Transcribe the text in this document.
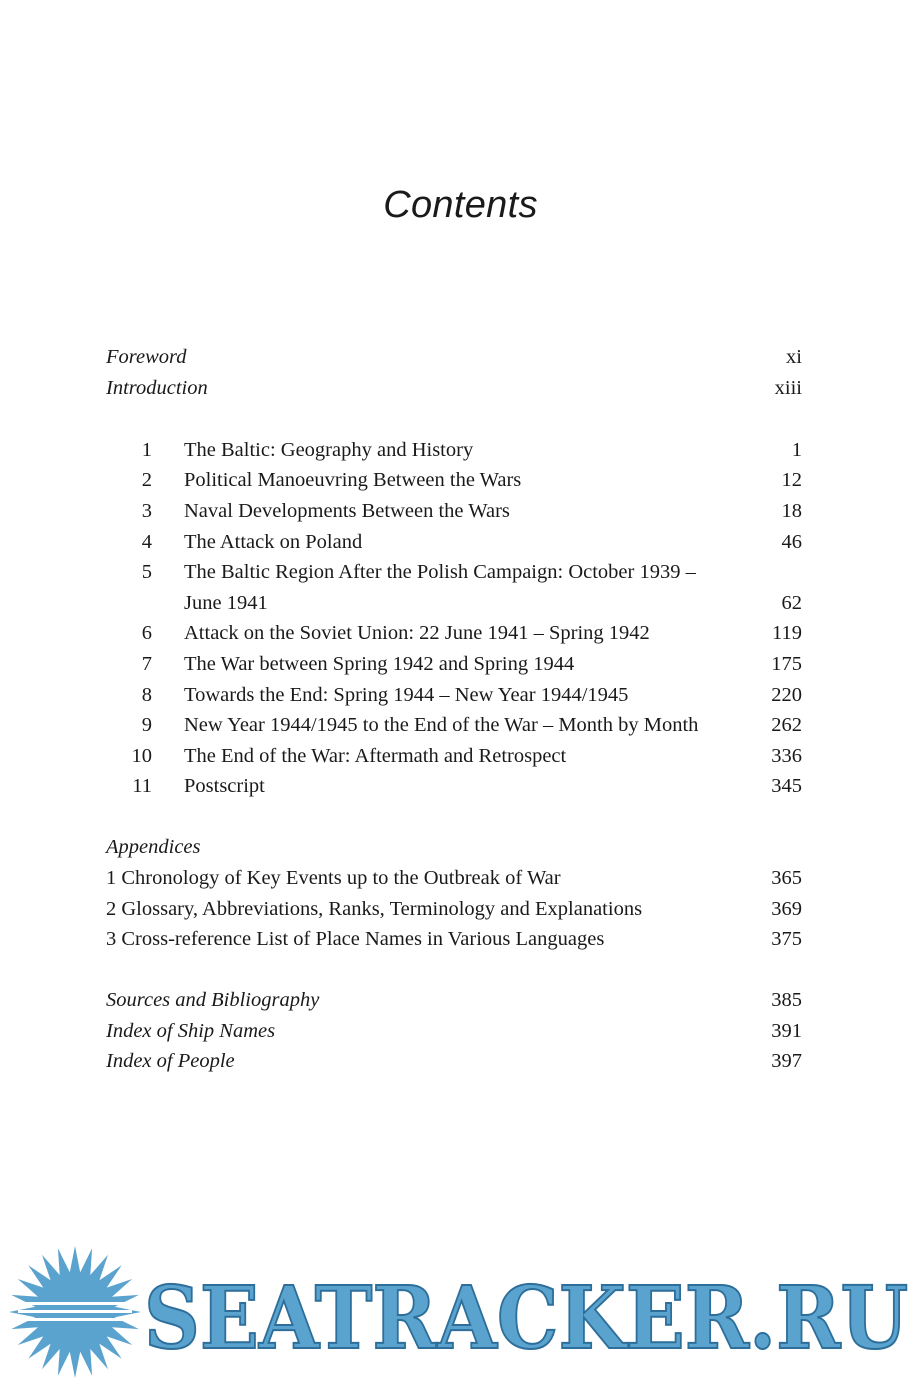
Contents
Foreword	xi
Introduction	xiii
1 The Baltic: Geography and History	1
2 Political Manoeuvring Between the Wars	12
3 Naval Developments Between the Wars	18
4 The Attack on Poland	46
5 The Baltic Region After the Polish Campaign: October 1939 –
June 1941	62
6 Attack on the Soviet Union: 22 June 1941 – Spring 1942	119
7 The War between Spring 1942 and Spring 1944	175
8 Towards the End: Spring 1944 – New Year 1944/1945	220
9 New Year 1944/1945 to the End of the War – Month by Month	262
10 The End of the War: Aftermath and Retrospect	336
11 Postscript	345
Appendices
1 Chronology of Key Events up to the Outbreak of War	365
2 Glossary, Abbreviations, Ranks, Terminology and Explanations	369
3 Cross-reference List of Place Names in Various Languages	375
Sources and Bibliography	385
Index of Ship Names	391
Index of People	397
SEATRACKER.RU
